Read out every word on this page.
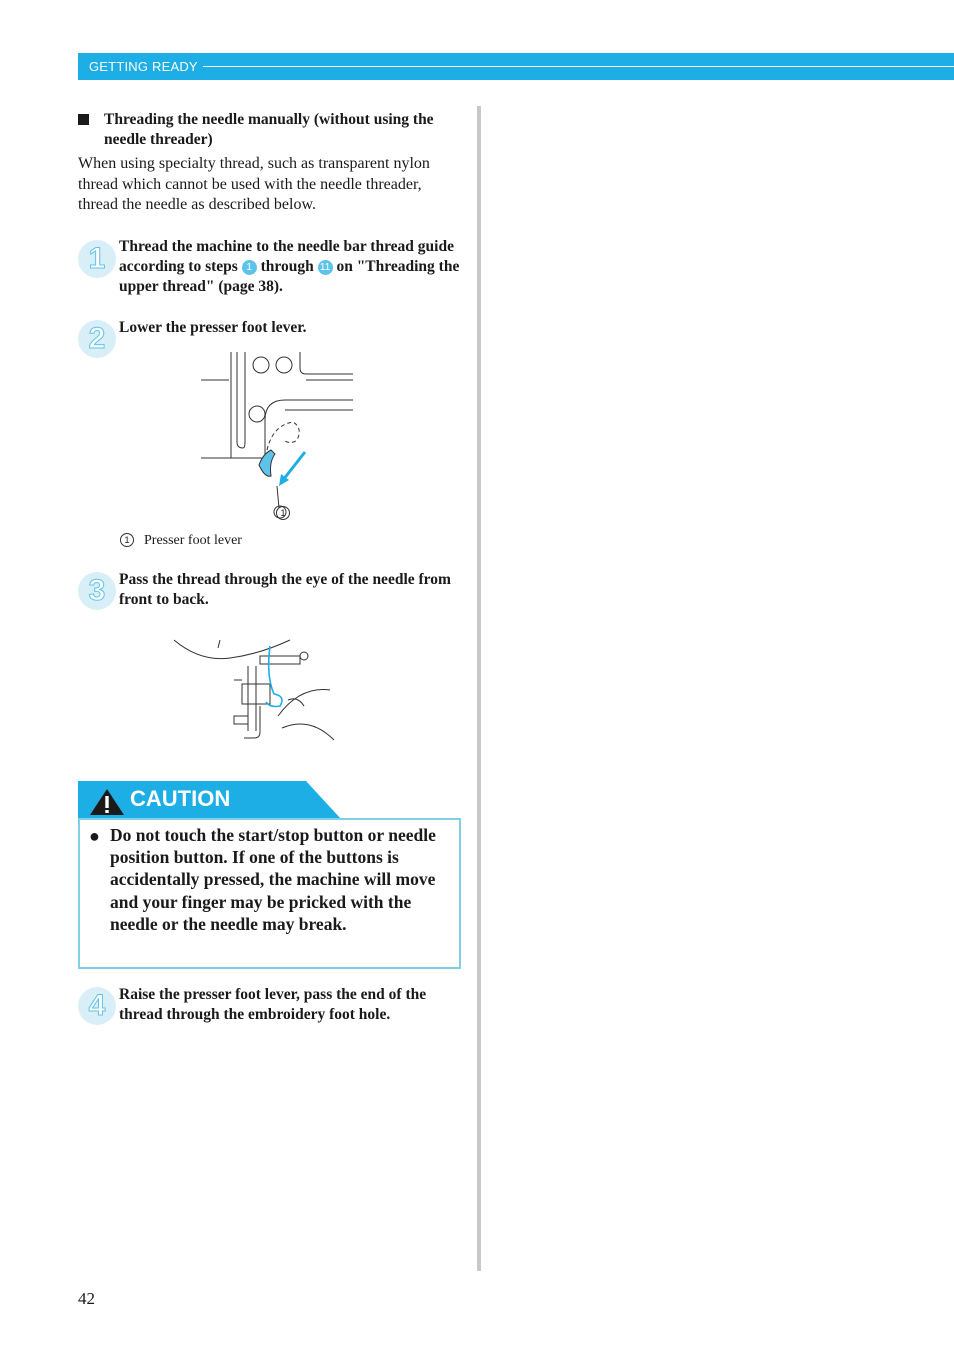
GETTING READY
Threading the needle manually (without using the needle threader)
When using specialty thread, such as transparent nylon thread which cannot be used with the needle threader, thread the needle as described below.
1 Thread the machine to the needle bar thread guide according to steps 1 through 11 on "Threading the upper thread" (page 38).
2 Lower the presser foot lever.
1
1 Presser foot lever
3 Pass the thread through the eye of the needle from front to back.
CAUTION
● Do not touch the start/stop button or needle position button. If one of the buttons is accidentally pressed, the machine will move and your finger may be pricked with the needle or the needle may break.
4 Raise the presser foot lever, pass the end of the thread through the embroidery foot hole.
42
